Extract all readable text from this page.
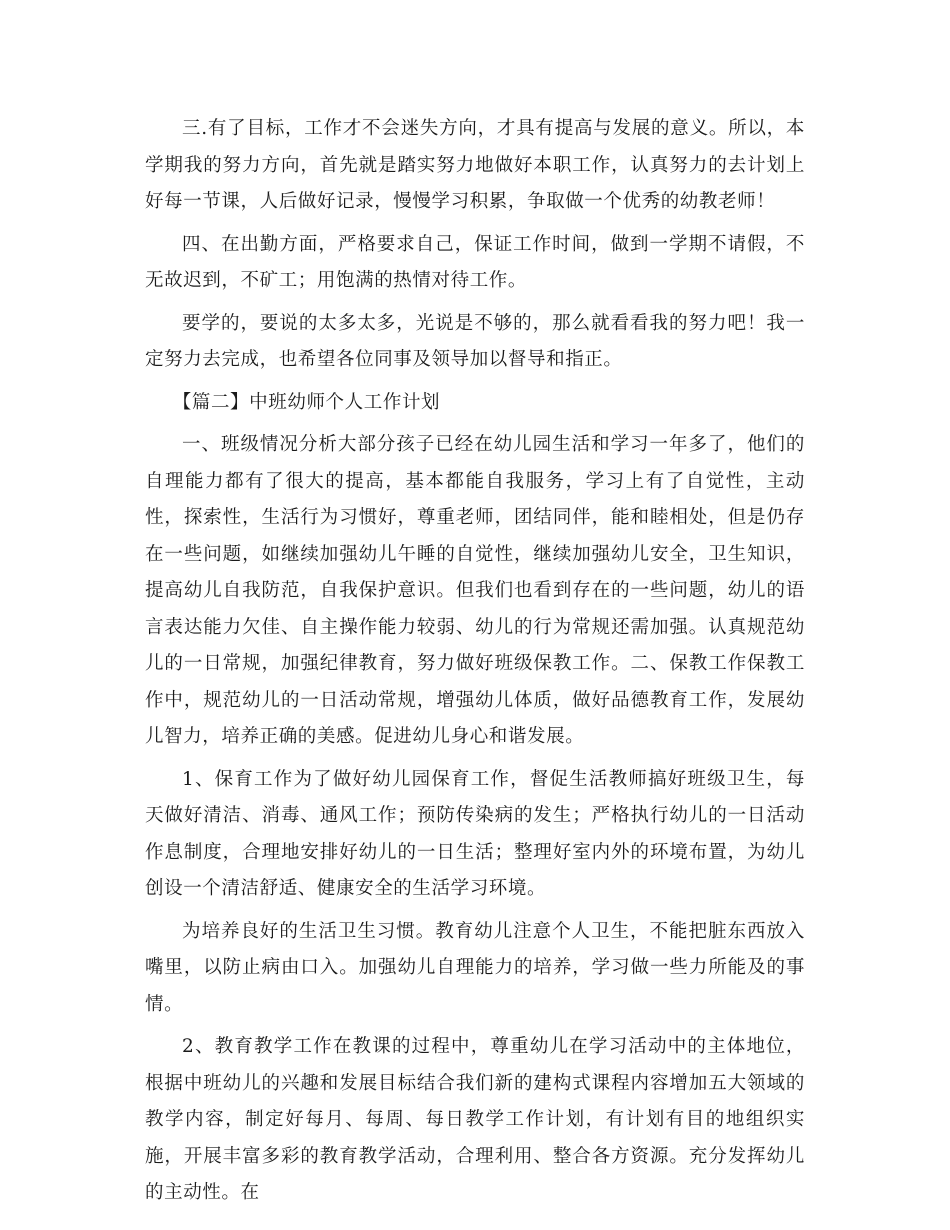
三.有了目标，工作才不会迷失方向，才具有提高与发展的意义。所以，本学期我的努力方向，首先就是踏实努力地做好本职工作，认真努力的去计划上好每一节课，人后做好记录，慢慢学习积累，争取做一个优秀的幼教老师！

四、在出勤方面，严格要求自己，保证工作时间，做到一学期不请假，不无故迟到，不矿工；用饱满的热情对待工作。

要学的，要说的太多太多，光说是不够的，那么就看看我的努力吧！我一定努力去完成，也希望各位同事及领导加以督导和指正。

【篇二】中班幼师个人工作计划

一、班级情况分析大部分孩子已经在幼儿园生活和学习一年多了，他们的自理能力都有了很大的提高，基本都能自我服务，学习上有了自觉性，主动性，探索性，生活行为习惯好，尊重老师，团结同伴，能和睦相处，但是仍存在一些问题，如继续加强幼儿午睡的自觉性，继续加强幼儿安全，卫生知识，提高幼儿自我防范，自我保护意识。但我们也看到存在的一些问题，幼儿的语言表达能力欠佳、自主操作能力较弱、幼儿的行为常规还需加强。认真规范幼儿的一日常规，加强纪律教育，努力做好班级保教工作。二、保教工作保教工作中，规范幼儿的一日活动常规，增强幼儿体质，做好品德教育工作，发展幼儿智力，培养正确的美感。促进幼儿身心和谐发展。

1、保育工作为了做好幼儿园保育工作，督促生活教师搞好班级卫生，每天做好清洁、消毒、通风工作；预防传染病的发生；严格执行幼儿的一日活动作息制度，合理地安排好幼儿的一日生活；整理好室内外的环境布置，为幼儿创设一个清洁舒适、健康安全的生活学习环境。

为培养良好的生活卫生习惯。教育幼儿注意个人卫生，不能把脏东西放入嘴里，以防止病由口入。加强幼儿自理能力的培养，学习做一些力所能及的事情。

2、教育教学工作在教课的过程中，尊重幼儿在学习活动中的主体地位，根据中班幼儿的兴趣和发展目标结合我们新的建构式课程内容增加五大领域的教学内容，制定好每月、每周、每日教学工作计划，有计划有目的地组织实施，开展丰富多彩的教育教学活动，合理利用、整合各方资源。充分发挥幼儿的主动性。在
